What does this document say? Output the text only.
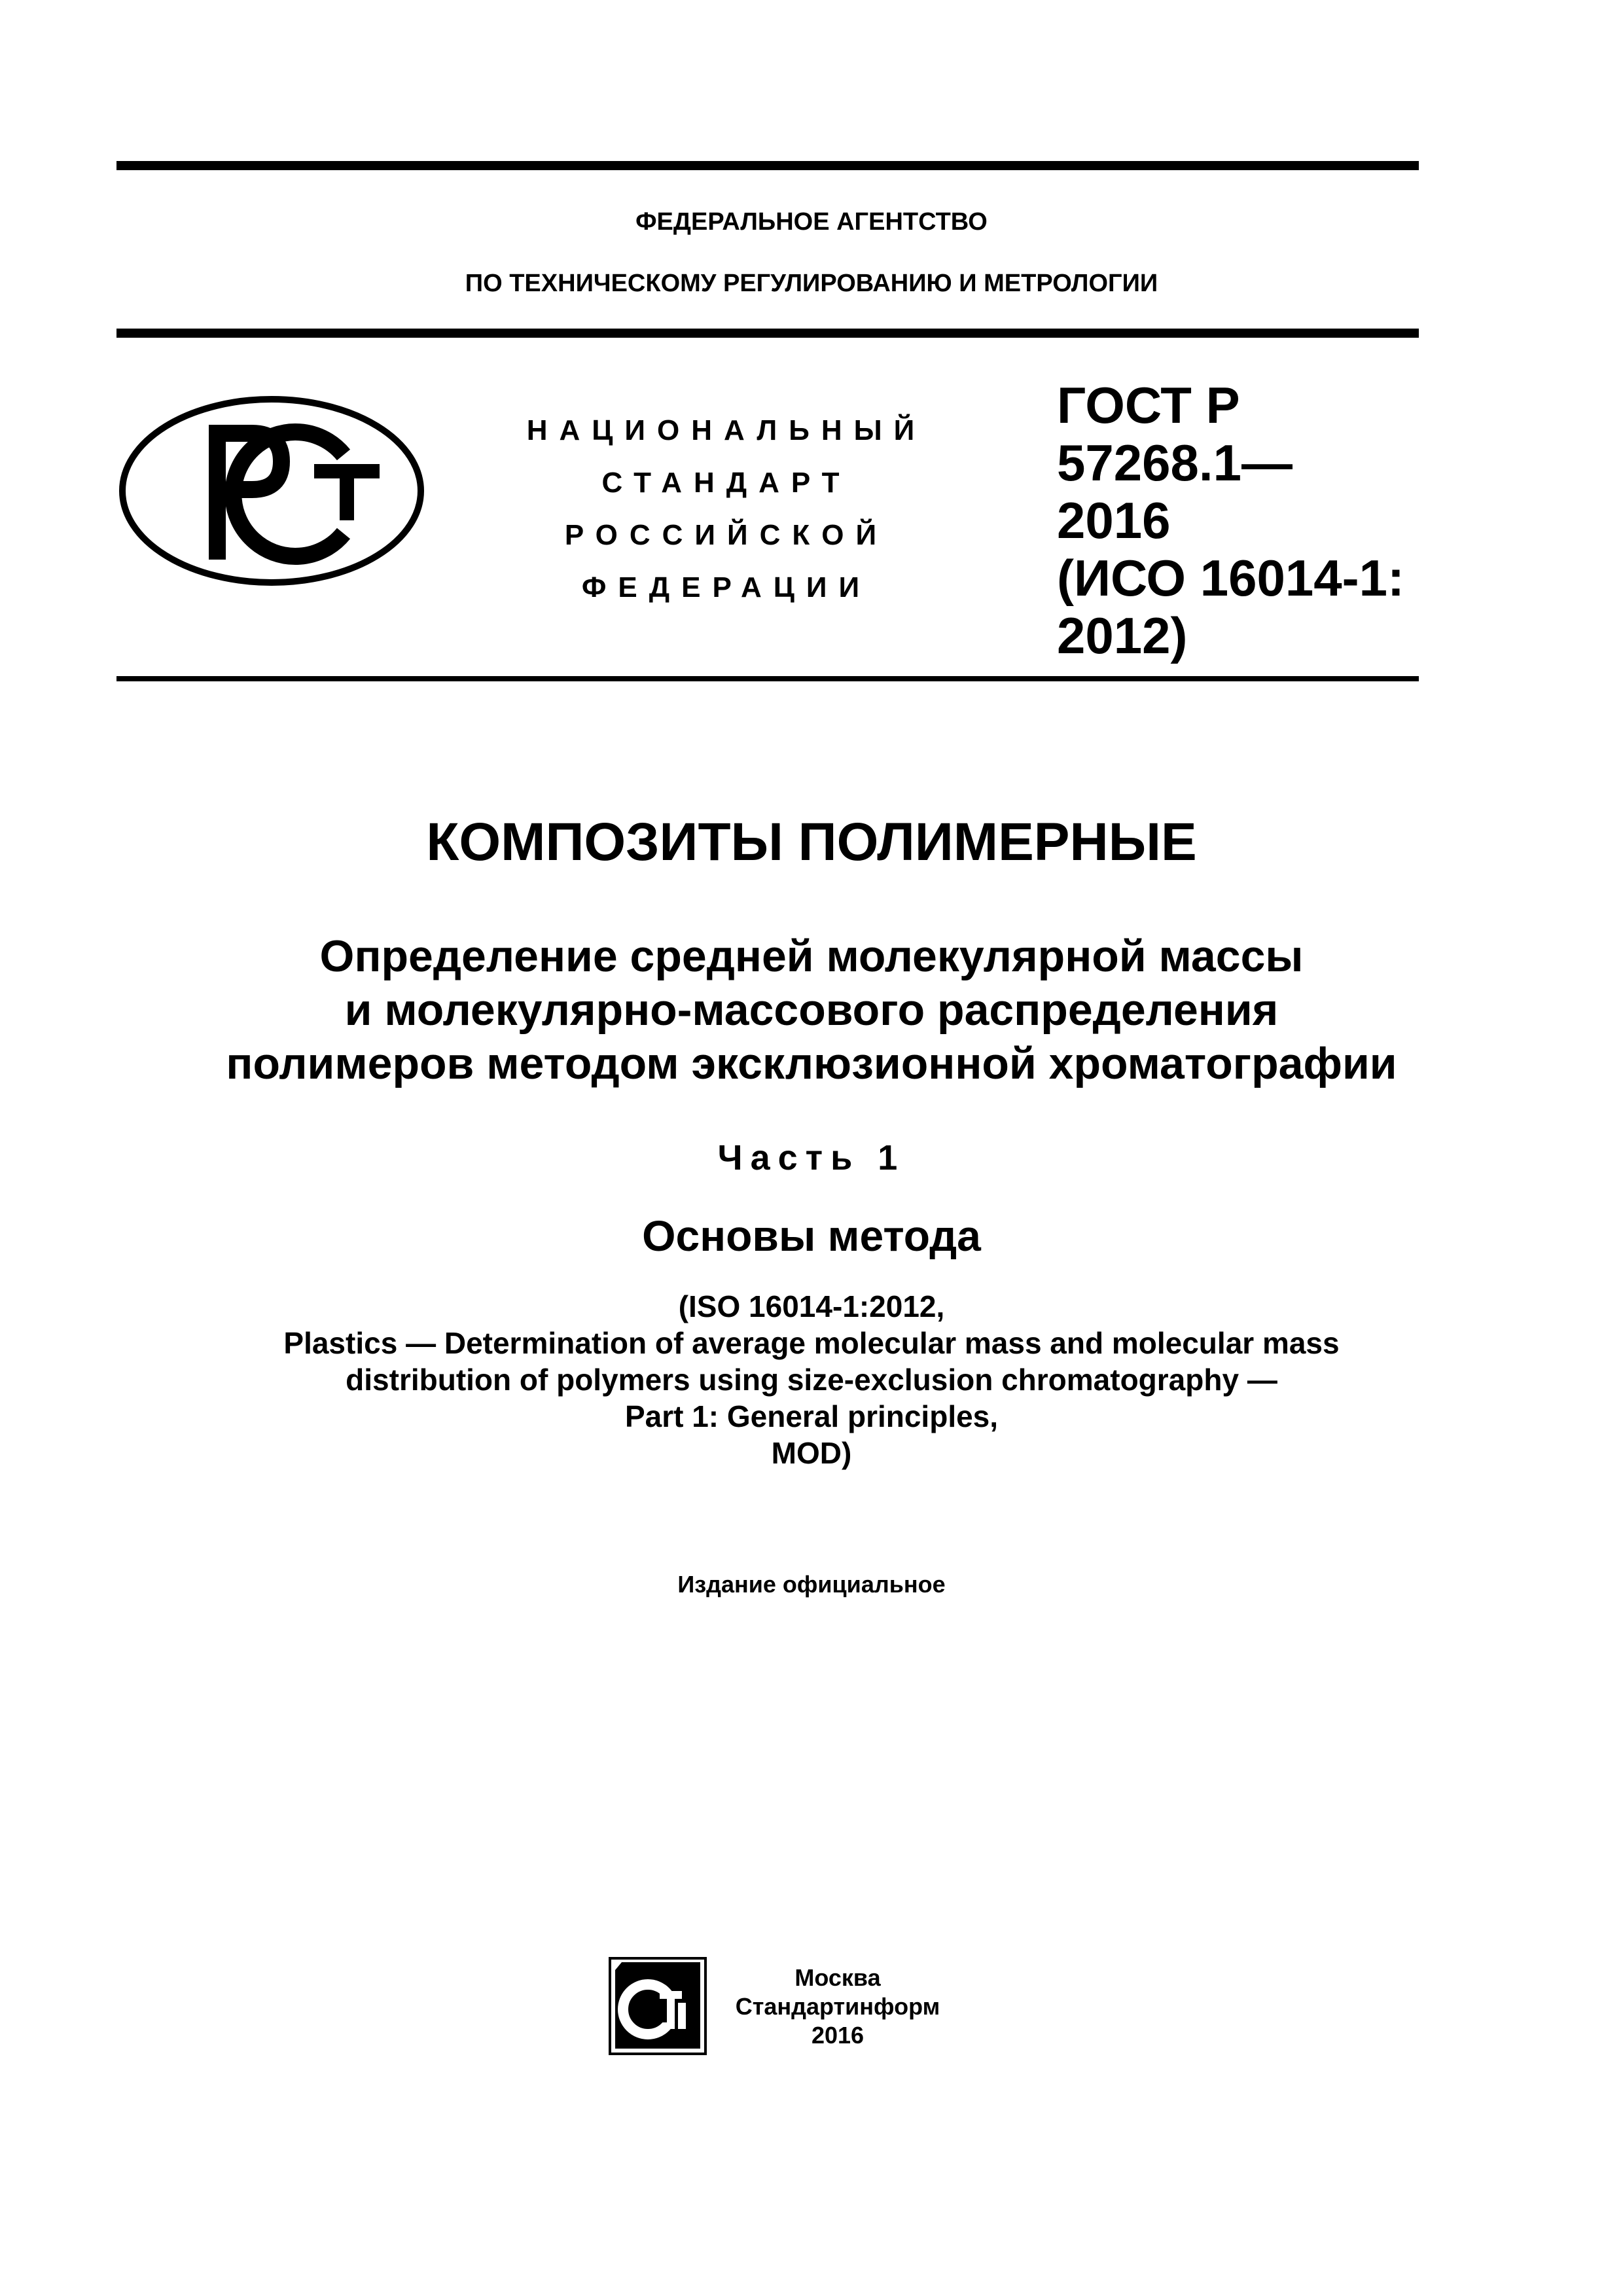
ФЕДЕРАЛЬНОЕ АГЕНТСТВО
ПО ТЕХНИЧЕСКОМУ РЕГУЛИРОВАНИЮ И МЕТРОЛОГИИ
НАЦИОНАЛЬНЫЙ
СТАНДАРТ
РОССИЙСКОЙ
ФЕДЕРАЦИИ
ГОСТ Р
57268.1—
2016
(ИСО 16014-1:
2012)
КОМПОЗИТЫ ПОЛИМЕРНЫЕ
Определение средней молекулярной массы
и молекулярно-массового распределения
полимеров методом эксклюзионной хроматографии
Часть 1
Основы метода
(ISO 16014-1:2012,
Plastics — Determination of average molecular mass and molecular mass
distribution of polymers using size-exclusion chromatography —
Part 1: General principles,
MOD)
Издание официальное
Москва
Стандартинформ
2016
